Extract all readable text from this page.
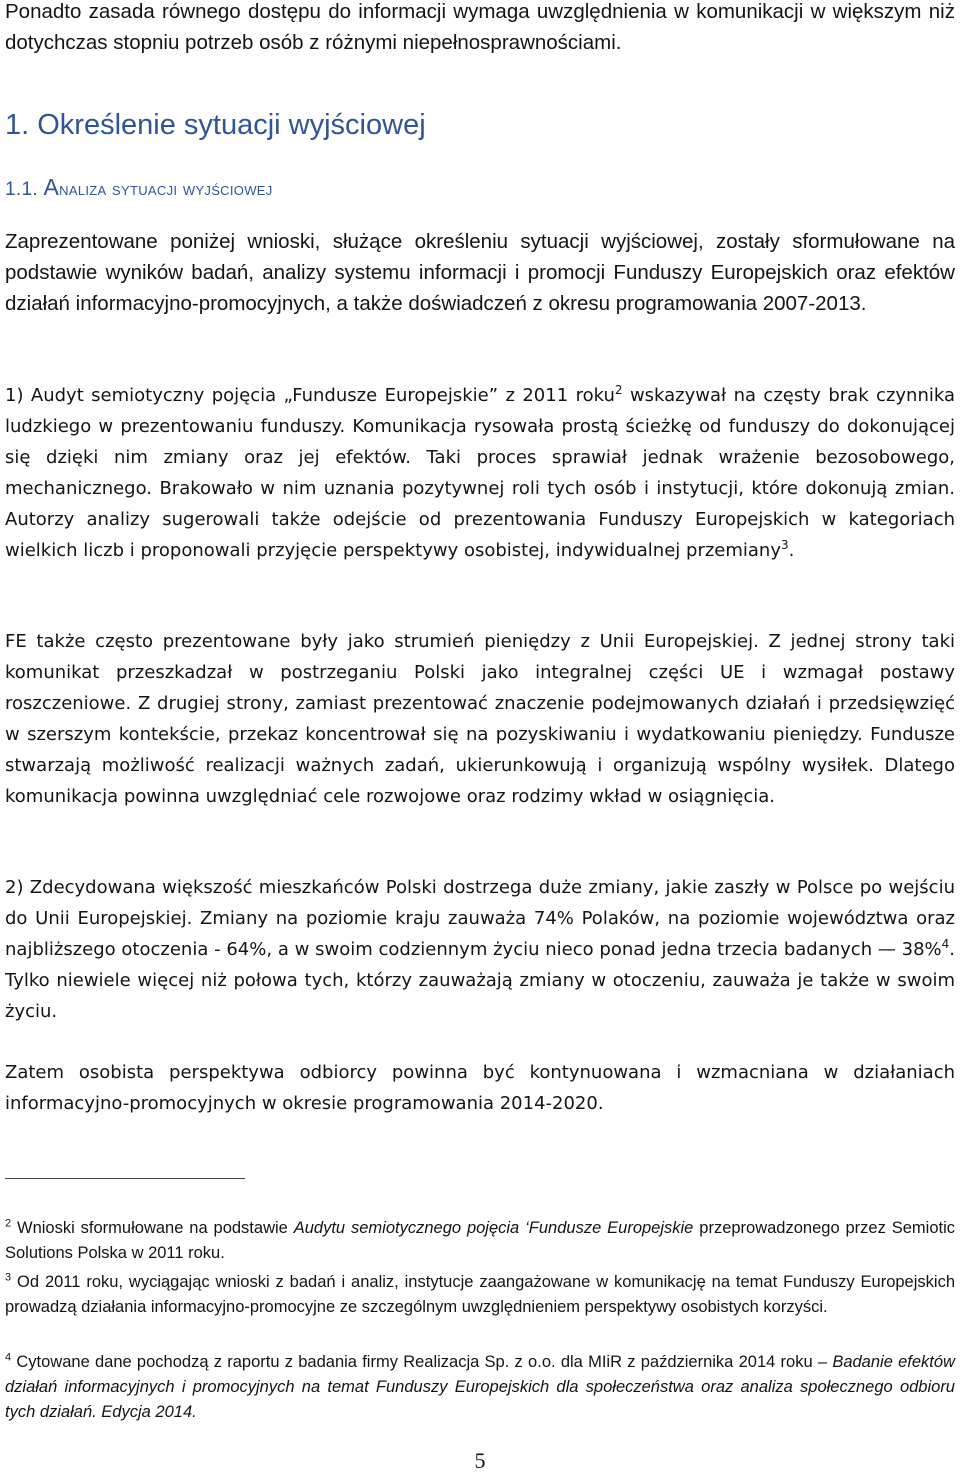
Ponadto zasada równego dostępu do informacji wymaga uwzględnienia w komunikacji w większym niż dotychczas stopniu potrzeb osób z różnymi niepełnosprawnościami.

1. Określenie sytuacji wyjściowej
1.1. Analiza sytuacji wyjściowej

Zaprezentowane poniżej wnioski, służące określeniu sytuacji wyjściowej, zostały sformułowane na podstawie wyników badań, analizy systemu informacji i promocji Funduszy Europejskich oraz efektów działań informacyjno-promocyjnych, a także doświadczeń z okresu programowania 2007-2013.

1) Audyt semiotyczny pojęcia „Fundusze Europejskie” z 2011 roku$^2$ wskazywał na częsty brak czynnika ludzkiego w prezentowaniu funduszy. Komunikacja rysowała prostą ścieżkę od funduszy do dokonującej się dzięki nim zmiany oraz jej efektów. Taki proces sprawiał jednak wrażenie bezosobowego, mechanicznego. Brakowało w nim uznania pozytywnej roli tych osób i instytucji, które dokonują zmian. Autorzy analizy sugerowali także odejście od prezentowania Funduszy Europejskich w kategoriach wielkich liczb i proponowali przyjęcie perspektywy osobistej, indywidualnej przemiany$^3$.

FE także często prezentowane były jako strumień pieniędzy z Unii Europejskiej. Z jednej strony taki komunikat przeszkadzał w postrzeganiu Polski jako integralnej części UE i wzmagał postawy roszczeniowe. Z drugiej strony, zamiast prezentować znaczenie podejmowanych działań i przedsięwzięć w szerszym kontekście, przekaz koncentrował się na pozyskiwaniu i wydatkowaniu pieniędzy. Fundusze stwarzają możliwość realizacji ważnych zadań, ukierunkowują i organizują wspólny wysiłek. Dlatego komunikacja powinna uwzględniać cele rozwojowe oraz rodzimy wkład w osiągnięcia.

2) Zdecydowana większość mieszkańców Polski dostrzega duże zmiany, jakie zaszły w Polsce po wejściu do Unii Europejskiej. Zmiany na poziomie kraju zauważa 74% Polaków, na poziomie województwa oraz najbliższego otoczenia - 64%, a w swoim codziennym życiu nieco ponad jedna trzecia badanych — 38%$^4$. Tylko niewiele więcej niż połowa tych, którzy zauważają zmiany w otoczeniu, zauważa je także w swoim życiu.

Zatem osobista perspektywa odbiorcy powinna być kontynuowana i wzmacniana w działaniach informacyjno-promocyjnych w okresie programowania 2014-2020.

$^2$ Wnioski sformułowane na podstawie Audytu semiotycznego pojęcia ‘Fundusze Europejskie przeprowadzonego przez Semiotic Solutions Polska w 2011 roku.

$^3$ Od 2011 roku, wyciągając wnioski z badań i analiz, instytucje zaangażowane w komunikację na temat Funduszy Europejskich prowadzą działania informacyjno-promocyjne ze szczególnym uwzględnieniem perspektywy osobistych korzyści.

$^4$ Cytowane dane pochodzą z raportu z badania firmy Realizacja Sp. z o.o. dla MIiR z października 2014 roku – Badanie efektów działań informacyjnych i promocyjnych na temat Funduszy Europejskich dla społeczeństwa oraz analiza społecznego odbioru tych działań. Edycja 2014.

5
